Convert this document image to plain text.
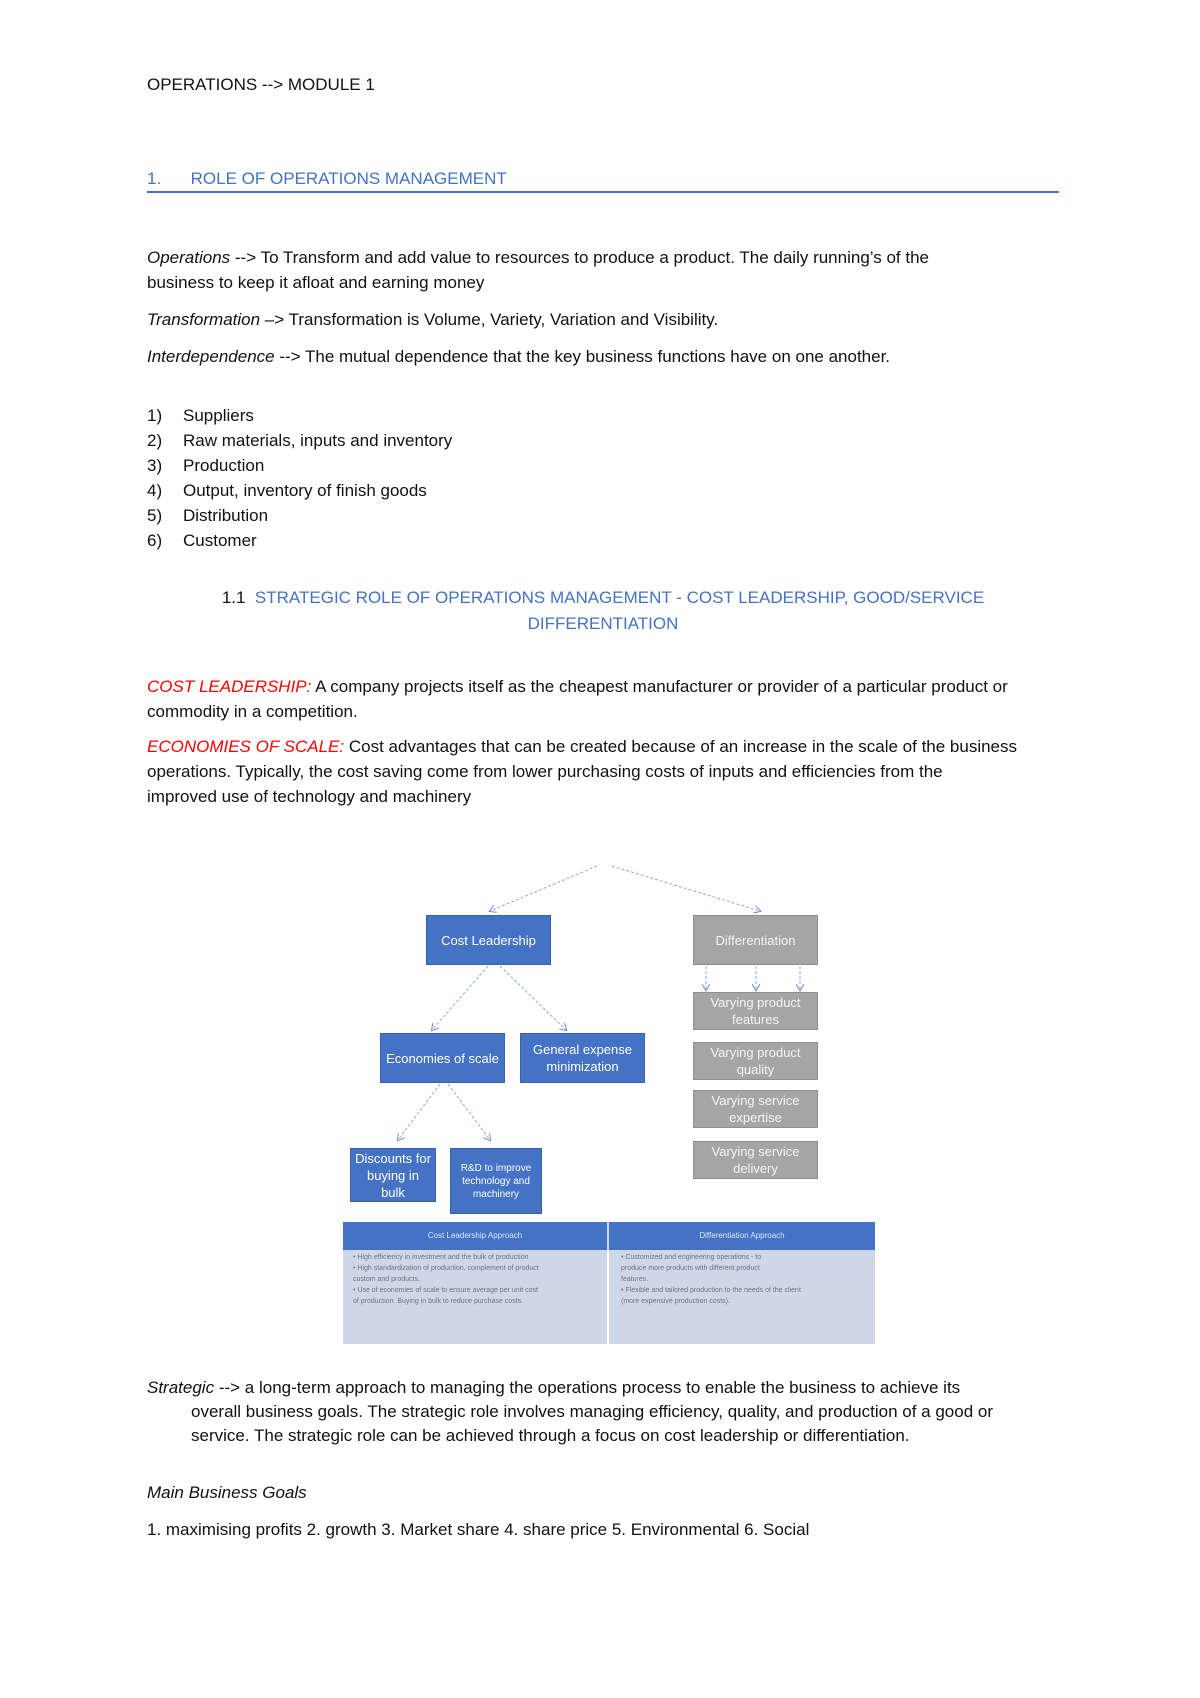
OPERATIONS --> MODULE 1
1. ROLE OF OPERATIONS MANAGEMENT
Operations --> To Transform and add value to resources to produce a product. The daily running’s of the
business to keep it afloat and earning money
Transformation –> Transformation is Volume, Variety, Variation and Visibility.
Interdependence --> The mutual dependence that the key business functions have on one another.
1) Suppliers
2) Raw materials, inputs and inventory
3) Production
4) Output, inventory of finish goods
5) Distribution
6) Customer
1.1 STRATEGIC ROLE OF OPERATIONS MANAGEMENT - COST LEADERSHIP, GOOD/SERVICE
DIFFERENTIATION
COST LEADERSHIP: A company projects itself as the cheapest manufacturer or provider of a particular product or
commodity in a competition.
ECONOMIES OF SCALE: Cost advantages that can be created because of an increase in the scale of the business
operations. Typically, the cost saving come from lower purchasing costs of inputs and efficiencies from the
improved use of technology and machinery
Cost Leadership	Differentiation
Economies of scale
General expense minimization
Discounts for buying in bulk
R&D to improve technology and machinery
Varying product features
Varying product quality
Varying service expertise
Varying service delivery
Cost Leadership Approach	Differentiation Approach
• High efficiency in investment and the bulk of production
• High standardization of production, complement of product
custom and products.
• Use of economies of scale to ensure average per unit cost
of production. Buying in bulk to reduce purchase costs.
• Customized and engineering operations - to
produce more products with different product
features.
• Flexible and tailored production to the needs of the client
(more expensive production costs).
Strategic --> a long-term approach to managing the operations process to enable the business to achieve its
overall business goals. The strategic role involves managing efficiency, quality, and production of a good or
service. The strategic role can be achieved through a focus on cost leadership or differentiation.
Main Business Goals
1. maximising profits 2. growth 3. Market share 4. share price 5. Environmental 6. Social
